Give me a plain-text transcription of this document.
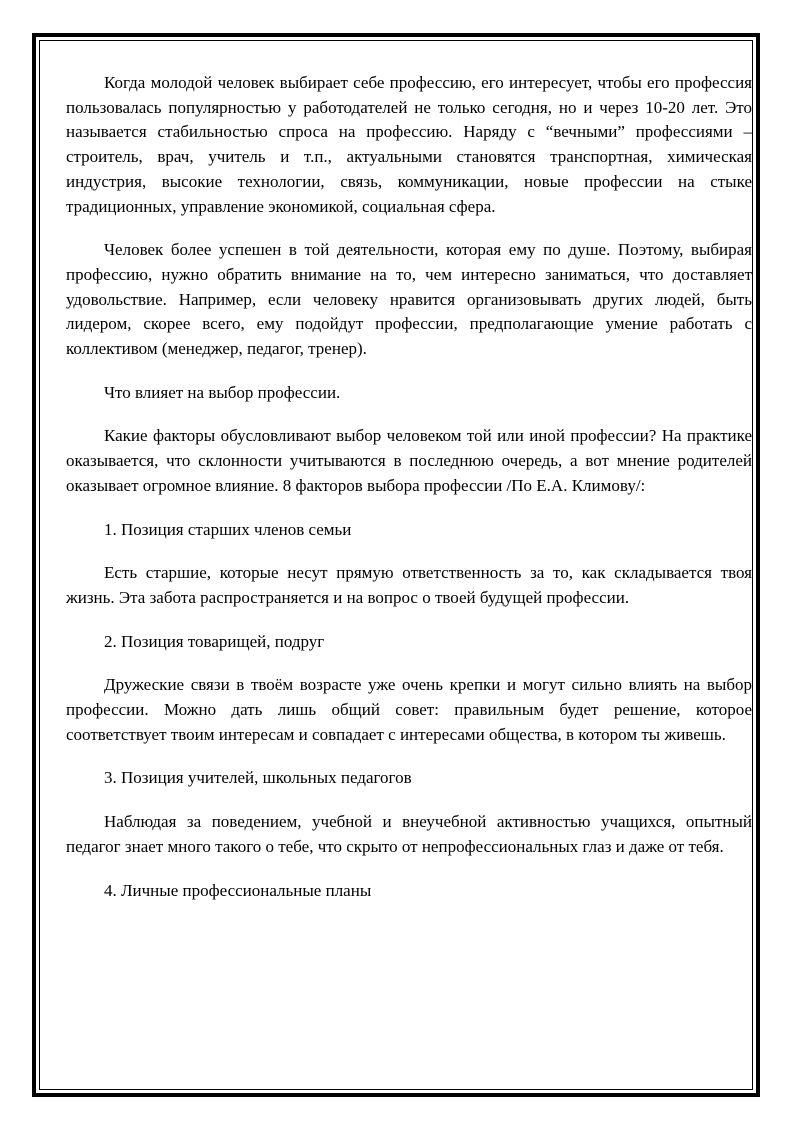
Когда молодой человек выбирает себе профессию, его интересует, чтобы его профессия пользовалась популярностью у работодателей не только сегодня, но и через 10-20 лет. Это называется стабильностью спроса на профессию. Наряду с “вечными” профессиями – строитель, врач, учитель и т.п., актуальными становятся транспортная, химическая индустрия, высокие технологии, связь, коммуникации, новые профессии на стыке традиционных, управление экономикой, социальная сфера.

Человек более успешен в той деятельности, которая ему по душе. Поэтому, выбирая профессию, нужно обратить внимание на то, чем интересно заниматься, что доставляет удовольствие. Например, если человеку нравится организовывать других людей, быть лидером, скорее всего, ему подойдут профессии, предполагающие умение работать с коллективом (менеджер, педагог, тренер).

Что влияет на выбор профессии.

Какие факторы обусловливают выбор человеком той или иной профессии? На практике оказывается, что склонности учитываются в последнюю очередь, а вот мнение родителей оказывает огромное влияние. 8 факторов выбора профессии /По Е.А. Климову/:

1. Позиция старших членов семьи

Есть старшие, которые несут прямую ответственность за то, как складывается твоя жизнь. Эта забота распространяется и на вопрос о твоей будущей профессии.

2. Позиция товарищей, подруг

Дружеские связи в твоём возрасте уже очень крепки и могут сильно влиять на выбор профессии. Можно дать лишь общий совет: правильным будет решение, которое соответствует твоим интересам и совпадает с интересами общества, в котором ты живешь.

3. Позиция учителей, школьных педагогов

Наблюдая за поведением, учебной и внеучебной активностью учащихся, опытный педагог знает много такого о тебе, что скрыто от непрофессиональных глаз и даже от тебя.

4. Личные профессиональные планы
